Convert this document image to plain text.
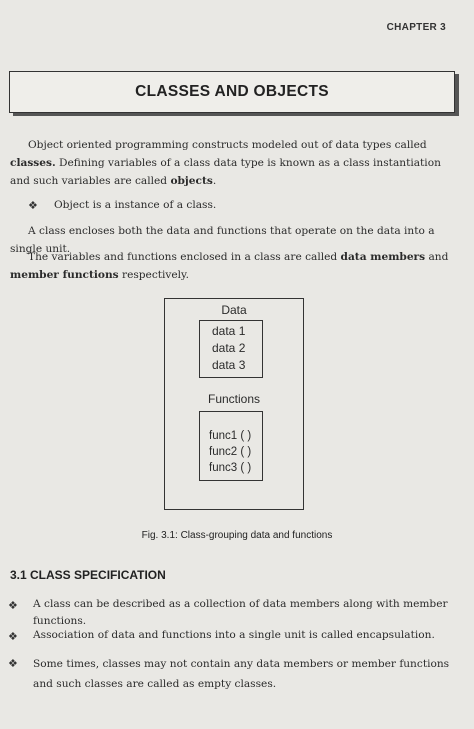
CHAPTER 3
CLASSES AND OBJECTS
Object oriented programming constructs modeled out of data types called classes. Defining variables of a class data type is known as a class instantiation and such variables are called objects.
❖ Object is a instance of a class.
A class encloses both the data and functions that operate on the data into a single unit.
The variables and functions enclosed in a class are called data members and member functions respectively.
Data
data 1
data 2
data 3
Functions
func1 ( )
func2 ( )
func3 ( )
Fig. 3.1: Class-grouping data and functions
3.1 CLASS SPECIFICATION
❖ A class can be described as a collection of data members along with member functions.
❖ Association of data and functions into a single unit is called encapsulation.
❖ Some times, classes may not contain any data members or member functions and such classes are called as empty classes.
